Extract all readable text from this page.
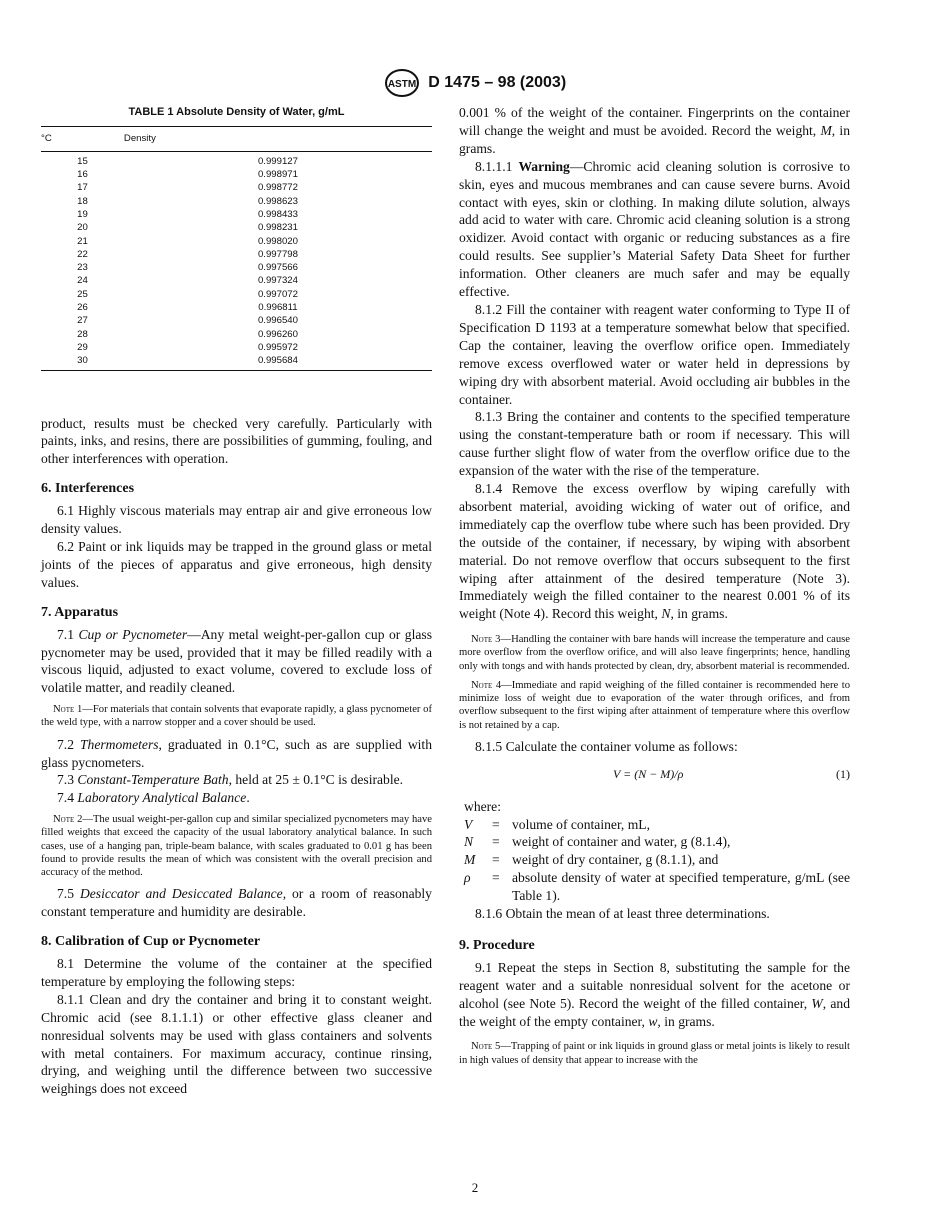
ASTM D 1475 – 98 (2003)
TABLE 1 Absolute Density of Water, g/mL
°C	Density
15	0.999127
16	0.998971
17	0.998772
18	0.998623
19	0.998433
20	0.998231
21	0.998020
22	0.997798
23	0.997566
24	0.997324
25	0.997072
26	0.996811
27	0.996540
28	0.996260
29	0.995972
30	0.995684

product, results must be checked very carefully. Particularly with paints, inks, and resins, there are possibilities of gumming, fouling, and other interferences with operation.

6. Interferences

6.1 Highly viscous materials may entrap air and give erroneous low density values.

6.2 Paint or ink liquids may be trapped in the ground glass or metal joints of the pieces of apparatus and give erroneous, high density values.

7. Apparatus

7.1 Cup or Pycnometer—Any metal weight-per-gallon cup or glass pycnometer may be used, provided that it may be filled readily with a viscous liquid, adjusted to exact volume, covered to exclude loss of volatile matter, and readily cleaned.

Note 1—For materials that contain solvents that evaporate rapidly, a glass pycnometer of the weld type, with a narrow stopper and a cover should be used.

7.2 Thermometers, graduated in 0.1°C, such as are supplied with glass pycnometers.

7.3 Constant-Temperature Bath, held at 25 ± 0.1°C is desirable.

7.4 Laboratory Analytical Balance.

Note 2—The usual weight-per-gallon cup and similar specialized pycnometers may have filled weights that exceed the capacity of the usual laboratory analytical balance. In such cases, use of a hanging pan, triple-beam balance, with scales graduated to 0.01 g has been found to provide results the mean of which was consistent with the overall precision and accuracy of the method.

7.5 Desiccator and Desiccated Balance, or a room of reasonably constant temperature and humidity are desirable.

8. Calibration of Cup or Pycnometer

8.1 Determine the volume of the container at the specified temperature by employing the following steps:

8.1.1 Clean and dry the container and bring it to constant weight. Chromic acid (see 8.1.1.1) or other effective glass cleaner and nonresidual solvents may be used with glass containers and solvents with metal containers. For maximum accuracy, continue rinsing, drying, and weighing until the difference between two successive weighings does not exceed

0.001 % of the weight of the container. Fingerprints on the container will change the weight and must be avoided. Record the weight, M, in grams.

8.1.1.1 Warning—Chromic acid cleaning solution is corrosive to skin, eyes and mucous membranes and can cause severe burns. Avoid contact with eyes, skin or clothing. In making dilute solution, always add acid to water with care. Chromic acid cleaning solution is a strong oxidizer. Avoid contact with organic or reducing substances as a fire could results. See supplier’s Material Safety Data Sheet for further information. Other cleaners are much safer and may be equally effective.

8.1.2 Fill the container with reagent water conforming to Type II of Specification D 1193 at a temperature somewhat below that specified. Cap the container, leaving the overflow orifice open. Immediately remove excess overflowed water or water held in depressions by wiping dry with absorbent material. Avoid occluding air bubbles in the container.

8.1.3 Bring the container and contents to the specified temperature using the constant-temperature bath or room if necessary. This will cause further slight flow of water from the overflow orifice due to the expansion of the water with the rise of the temperature.

8.1.4 Remove the excess overflow by wiping carefully with absorbent material, avoiding wicking of water out of orifice, and immediately cap the overflow tube where such has been provided. Dry the outside of the container, if necessary, by wiping with absorbent material. Do not remove overflow that occurs subsequent to the first wiping after attainment of the desired temperature (Note 3). Immediately weigh the filled container to the nearest 0.001 % of its weight (Note 4). Record this weight, N, in grams.

Note 3—Handling the container with bare hands will increase the temperature and cause more overflow from the overflow orifice, and will also leave fingerprints; hence, handling only with tongs and with hands protected by clean, dry, absorbent material is recommended.

Note 4—Immediate and rapid weighing of the filled container is recommended here to minimize loss of weight due to evaporation of the water through orifices, and from overflow subsequent to the first wiping after attainment of temperature where this overflow is not retained by a cap.

8.1.5 Calculate the container volume as follows:

V = (N − M)/ρ	(1)

where:

V	= volume of container, mL,
N	= weight of container and water, g (8.1.4),
M	= weight of dry container, g (8.1.1), and
ρ	= absolute density of water at specified temperature, g/mL (see Table 1).

8.1.6 Obtain the mean of at least three determinations.

9. Procedure

9.1 Repeat the steps in Section 8, substituting the sample for the reagent water and a suitable nonresidual solvent for the acetone or alcohol (see Note 5). Record the weight of the filled container, W, and the weight of the empty container, w, in grams.

Note 5—Trapping of paint or ink liquids in ground glass or metal joints is likely to result in high values of density that appear to increase with the

2
